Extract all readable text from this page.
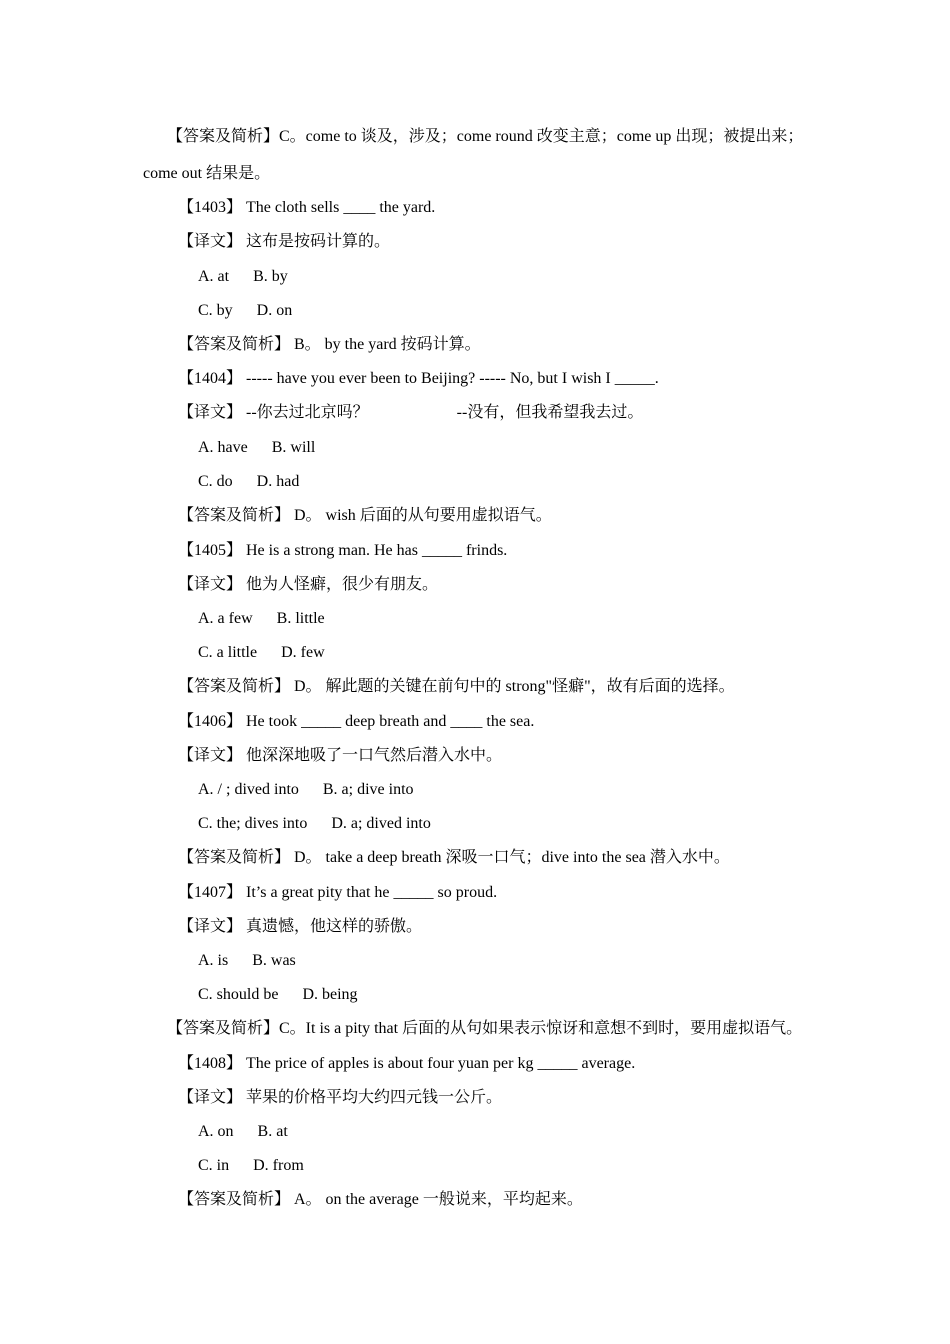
【答案及简析】C。come to 谈及，涉及；come round 改变主意；come up 出现；被提出来；
come out 结果是。
【1403】 The cloth sells ____ the yard.
【译文】 这布是按码计算的。
A. at      B. by
C. by      D. on
【答案及简析】 B。 by the yard 按码计算。
【1404】 ----- have you ever been to Beijing? ----- No, but I wish I _____.
【译文】 --你去过北京吗？                      --没有，但我希望我去过。
A. have      B. will
C. do      D. had
【答案及简析】 D。 wish 后面的从句要用虚拟语气。
【1405】 He is a strong man. He has _____ frinds.
【译文】 他为人怪癖，很少有朋友。
A. a few      B. little
C. a little      D. few
【答案及简析】 D。 解此题的关键在前句中的 strong"怪癖"，故有后面的选择。
【1406】 He took _____ deep breath and ____ the sea.
【译文】 他深深地吸了一口气然后潜入水中。
A. / ; dived into      B. a; dive into
C. the; dives into      D. a; dived into
【答案及简析】 D。 take a deep breath 深吸一口气；dive into the sea 潜入水中。
【1407】 It’s a great pity that he _____ so proud.
【译文】 真遗憾，他这样的骄傲。
A. is      B. was
C. should be      D. being
【答案及简析】C。It is a pity that 后面的从句如果表示惊讶和意想不到时，要用虚拟语气。
【1408】 The price of apples is about four yuan per kg _____ average.
【译文】 苹果的价格平均大约四元钱一公斤。
A. on      B. at
C. in      D. from
【答案及简析】 A。 on the average 一般说来，平均起来。
